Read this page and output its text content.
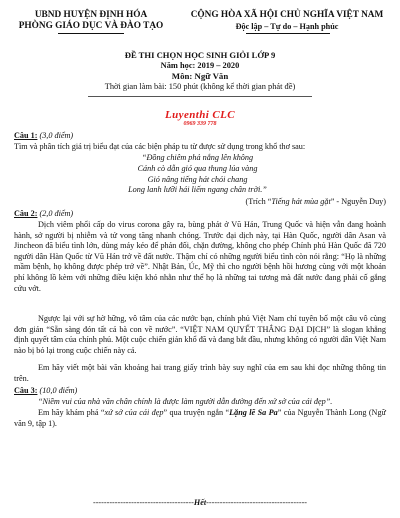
UBND HUYỆN ĐỊNH HÓA
PHÒNG GIÁO DỤC VÀ ĐÀO TẠO
CỘNG HÒA XÃ HỘI CHỦ NGHĨA VIỆT NAM
Độc lập – Tự do – Hạnh phúc
ĐỀ THI CHỌN HỌC SINH GIỎI LỚP 9
Năm học: 2019 – 2020
Môn: Ngữ Văn
Thời gian làm bài: 150 phút (không kể thời gian phát đề)
Luyenthi CLC
0969 339 778
Câu 1: (3,0 điểm)
Tìm và phân tích giá trị biểu đạt của các biện pháp tu từ được sử dụng trong khổ thơ sau:
“Đồng chiêm phả nắng lên không
Cánh cò dẫn gió qua thung lúa vàng
Gió nâng tiếng hát chói chang
Long lanh lưỡi hái liếm ngang chân trời.”
(Trích “Tiếng hát mùa gặt” - Nguyễn Duy)
Câu 2: (2,0 điểm)
Dịch viêm phổi cấp do virus corona gây ra, bùng phát ở Vũ Hán, Trung Quốc và hiện vẫn đang hoành hành, sở người bị nhiễm và tử vong tăng nhanh chóng. Trước đại dịch này, tại Hàn Quốc, người dân Asan và Jincheon đã biểu tình lớn, dùng máy kéo để phản đối, chặn đường, không cho phép Chính phủ Hàn Quốc đã 720 người dân Hàn Quốc từ Vũ Hán trở về đất nước. Thậm chí có những người biểu tình còn nói rằng: “Họ là những mầm bệnh, họ không được phép trở về”. Nhật Bản, Úc, Mỹ thì cho người bệnh hồi hương cùng với một khoản phí không lồ kèm với những điều kiện khó nhằn như thể họ là những tai tương mà đất nước đang phải cố gắng cứu vớt.
Ngược lại với sự hờ hững, vô tâm của các nước bạn, chính phủ Việt Nam chí tuyên bố một câu vô cùng đơn giản “Sẵn sàng đón tất cả bà con về nước”. “VIỆT NAM QUYẾT THẮNG ĐẠI DỊCH” là slogan khẳng định quyết tâm của chính phủ. Một cuộc chiến giản khổ đã và đang bắt đầu, nhưng không có người dân Việt Nam nào bị bỏ lại trong cuộc chiến này cả.
Em hãy viết một bài văn khoảng hai trang giấy trình bày suy nghĩ của em sau khi đọc những thông tin trên.
Câu 3: (10,0 điểm)
“Niềm vui của nhà văn chân chính là được làm người dẫn đường đến xứ sở của cái đẹp”.
Em hãy khám phá “xứ sở của cái đẹp” qua truyện ngắn “Lặng lẽ Sa Pa” của Nguyễn Thành Long (Ngữ văn 9, tập 1).
-------------------------------------Hết-------------------------------------
